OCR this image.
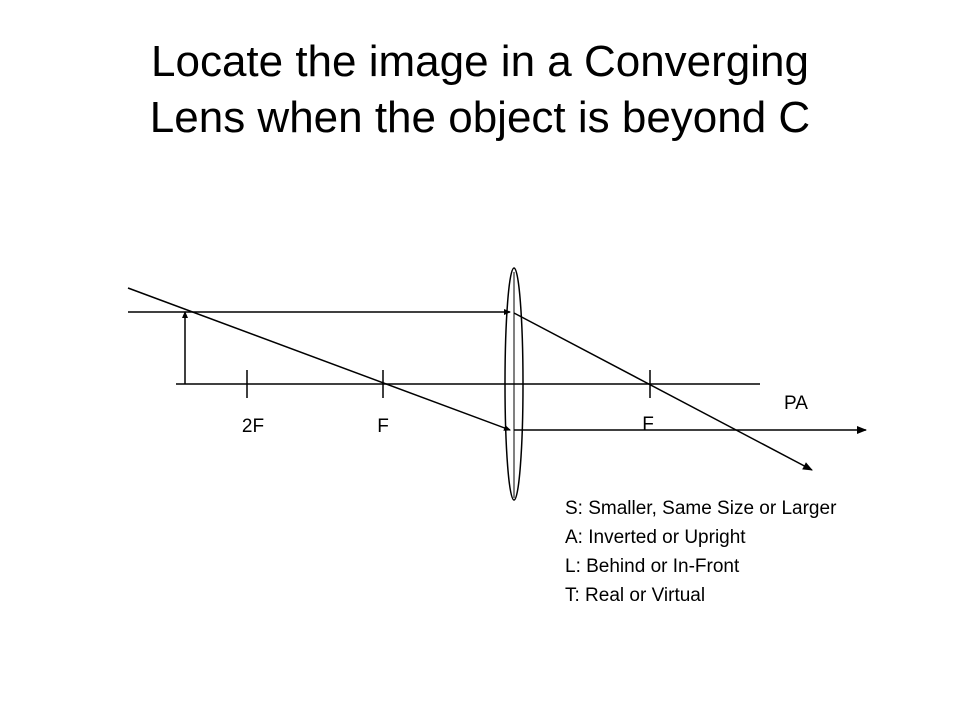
Locate the image in a Converging
Lens when the object is beyond C
2F	F	F
PA
S: Smaller, Same Size or Larger
A: Inverted or Upright
L: Behind or In-Front
T: Real or Virtual
